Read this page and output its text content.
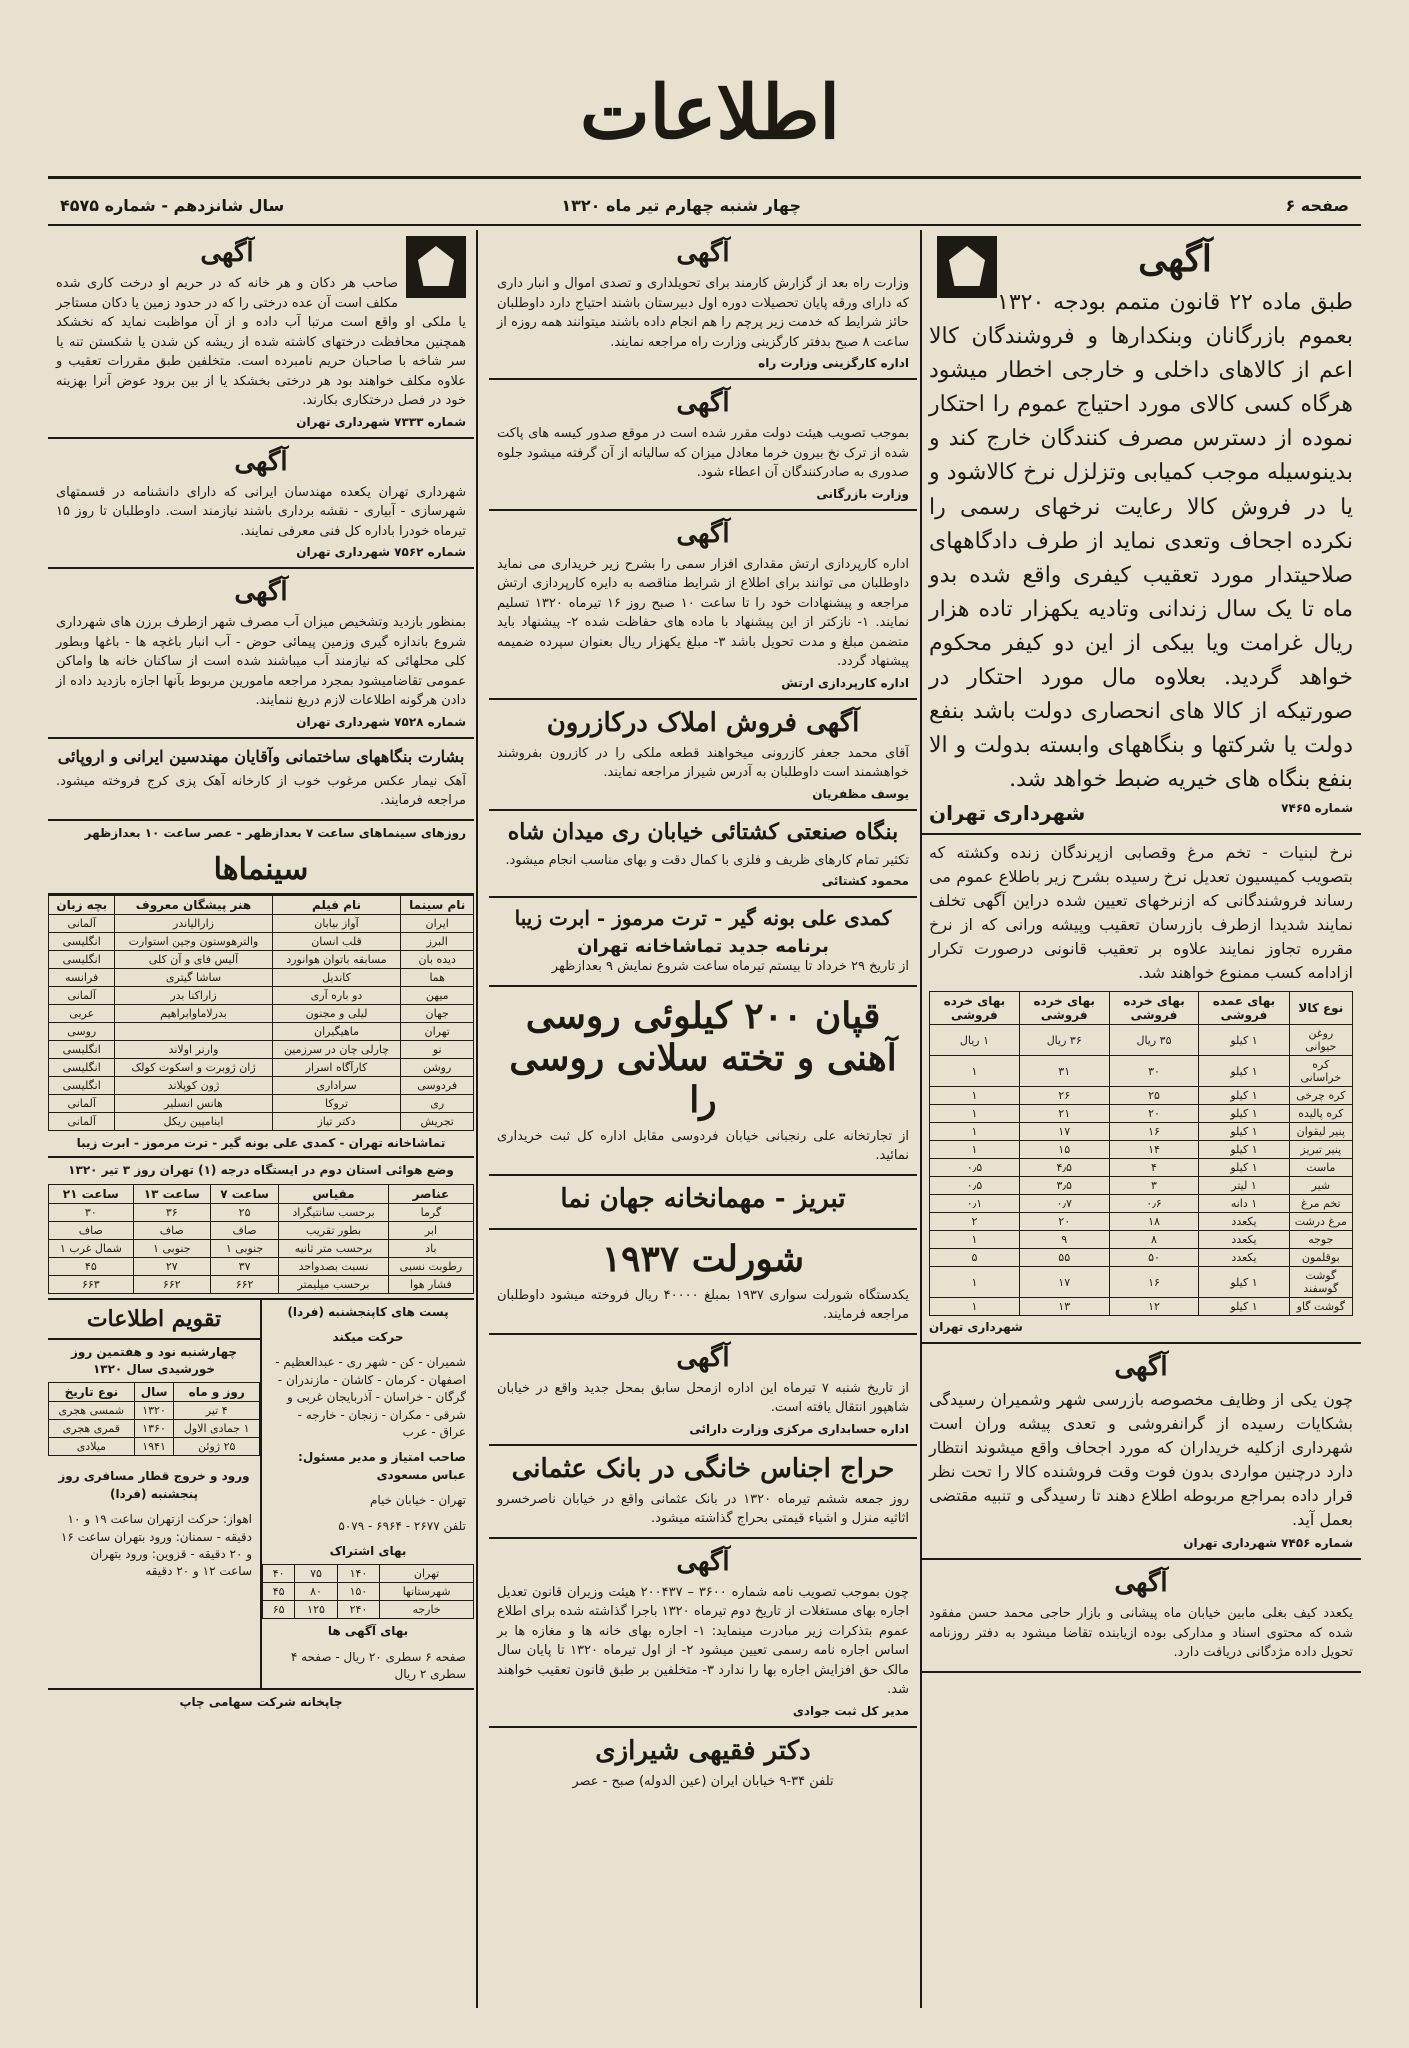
اطلاعات
صفحه ۶
چهار شنبه چهارم تیر ماه ۱۳۲۰
سال شانزدهم - شماره ۴۵۷۵
آگهی
طبق ماده ۲۲ قانون متمم بودجه ۱۳۲۰ بعموم بازرگانان وبنکدارها و فروشندگان کالا اعم از کالاهای داخلی و خارجی اخطار میشود هرگاه کسی کالای مورد احتیاج عموم را احتکار نموده از دسترس مصرف کنندگان خارج کند و بدینوسیله موجب کمیابی وتزلزل نرخ کالاشود و یا در فروش کالا رعایت نرخهای رسمی را نکرده اجحاف وتعدی نماید از طرف دادگاههای صلاحیتدار مورد تعقیب کیفری واقع شده بدو ماه تا یک سال زندانی وتادیه یکهزار تاده هزار ریال غرامت ویا بیکی از این دو کیفر محکوم خواهد گردید. بعلاوه مال مورد احتکار در صورتیکه از کالا های انحصاری دولت باشد بنفع دولت یا شرکتها و بنگاههای وابسته بدولت و الا بنفع بنگاه های خیریه ضبط خواهد شد.
شماره ۷۴۶۵
شهرداری تهران
نرخ لبنیات - تخم مرغ وقصابی ازپرندگان زنده وکشته که بتصویب کمیسیون تعدیل نرخ رسیده بشرح زیر باطلاع عموم می رساند فروشندگانی که ازنرخهای تعیین شده دراین آگهی تخلف نمایند شدیدا ازطرف بازرسان تعقیب وپیشه ورانی که از نرخ مقرره تجاوز نمایند علاوه بر تعقیب قانونی درصورت تکرار ازادامه کسب ممنوع خواهند شد.
نوع کالا	بهای عمده فروشی	بهای خرده فروشی	بهای خرده فروشی	بهای خرده فروشی
روغن حیوانی	۱ کیلو	۳۵ ریال	۳۶ ریال	۱ ریال
کره خراسانی	۱ کیلو	۳۰	۳۱	۱
کره چرخی	۱ کیلو	۲۵	۲۶	۱
کره پالیده	۱ کیلو	۲۰	۲۱	۱
پنیر لیقوان	۱ کیلو	۱۶	۱۷	۱
پنیر تبریز	۱ کیلو	۱۴	۱۵	۱
ماست	۱ کیلو	۴	۴٫۵	۰٫۵
شیر	۱ لیتر	۳	۳٫۵	۰٫۵
تخم مرغ	۱ دانه	۰٫۶	۰٫۷	۰٫۱
مرغ درشت	یکعدد	۱۸	۲۰	۲
جوجه	یکعدد	۸	۹	۱
بوقلمون	یکعدد	۵۰	۵۵	۵
گوشت گوسفند	۱ کیلو	۱۶	۱۷	۱
گوشت گاو	۱ کیلو	۱۲	۱۳	۱
شهرداری تهران
آگهی
چون یکی از وظایف مخصوصه بازرسی شهر وشمیران رسیدگی بشکایات رسیده از گرانفروشی و تعدی پیشه وران است شهرداری ازکلیه خریداران که مورد اجحاف واقع میشوند انتظار دارد درچنین مواردی بدون فوت وقت فروشنده کالا را تحت نظر قرار داده بمراجع مربوطه اطلاع دهند تا رسیدگی و تنبیه مقتضی بعمل آید.
شماره ۷۴۵۶ شهرداری تهران
آگهی
یکعدد کیف بغلی مابین خیابان ماه پیشانی و بازار حاجی محمد حسن مفقود شده که محتوی اسناد و مدارکی بوده ازیابنده تقاضا میشود به دفتر روزنامه تحویل داده مژدگانی دریافت دارد.
آگهی
وزارت راه بعد از گزارش کارمند برای تحویلداری و تصدی اموال و انبار داری که دارای ورقه پایان تحصیلات دوره اول دبیرستان باشند احتیاج دارد داوطلبان حائز شرایط که خدمت زیر پرچم را هم انجام داده باشند میتوانند همه روزه از ساعت ۸ صبح بدفتر کارگزینی وزارت راه مراجعه نمایند.
اداره کارگزینی وزارت راه
آگهی
بموجب تصویب هیئت دولت مقرر شده است در موقع صدور کیسه های پاکت شده از ترک نخ بیرون خرما معادل میزان که سالیانه از آن گرفته میشود جلوه صدوری به صادرکنندگان آن اعطاء شود.
وزارت بازرگانی
آگهی
اداره کارپردازی ارتش مقداری افزار سمی را بشرح زیر خریداری می نماید داوطلبان می توانند برای اطلاع از شرایط مناقصه به دایره کارپردازی ارتش مراجعه و پیشنهادات خود را تا ساعت ۱۰ صبح روز ۱۶ تیرماه ۱۳۲۰ تسلیم نمایند. ۱- نازکتر از این پیشنهاد با ماده های حفاظت شده ۲- پیشنهاد باید متضمن مبلغ و مدت تحویل باشد ۳- مبلغ یکهزار ریال بعنوان سپرده ضمیمه پیشنهاد گردد.
اداره کارپردازی ارتش
آگهی فروش املاک درکازرون
آقای محمد جعفر کازرونی میخواهند قطعه ملکی را در کازرون بفروشند خواهشمند است داوطلبان به آدرس شیراز مراجعه نمایند.
یوسف مظفریان
بنگاه صنعتی کشتائی خیابان ری میدان شاه
تکثیر تمام کارهای ظریف و فلزی با کمال دقت و بهای مناسب انجام میشود.
محمود کشتائی
کمدی علی بونه گیر - ترت مرموز - ابرت زیبا
برنامه جدید تماشاخانه تهران
از تاریخ ۲۹ خرداد تا بیستم تیرماه ساعت شروع نمایش ۹ بعدازظهر
قپان ۲۰۰ کیلوئی روسی آهنی و تخته سلانی روسی را
از تجارتخانه علی رنجبانی خیابان فردوسی مقابل اداره کل ثبت خریداری نمائید.
تبریز - مهمانخانه جهان نما
شورلت ۱۹۳۷
یکدستگاه شورلت سواری ۱۹۳۷ بمبلغ ۴۰۰۰۰ ریال فروخته میشود داوطلبان مراجعه فرمایند.
آگهی
از تاریخ شنبه ۷ تیرماه این اداره ازمحل سابق بمحل جدید واقع در خیابان شاهپور انتقال یافته است.
اداره حسابداری مرکزی وزارت دارائی
حراج اجناس خانگی در بانک عثمانی
روز جمعه ششم تیرماه ۱۳۲۰ در بانک عثمانی واقع در خیابان ناصرخسرو اثاثیه منزل و اشیاء قیمتی بحراج گذاشته میشود.
آگهی
چون بموجب تصویب نامه شماره ۳۶۰۰ – ۲۰۰۴۳۷ هیئت وزیران قانون تعدیل اجاره بهای مستغلات از تاریخ دوم تیرماه ۱۳۲۰ باجرا گذاشته شده برای اطلاع عموم بتذکرات زیر مبادرت مینماید: ۱- اجاره بهای خانه ها و مغازه ها بر اساس اجاره نامه رسمی تعیین میشود ۲- از اول تیرماه ۱۳۲۰ تا پایان سال مالک حق افزایش اجاره بها را ندارد ۳- متخلفین بر طبق قانون تعقیب خواهند شد.
مدیر کل ثبت جوادی
دکتر فقیهی شیرازی
تلفن ۳۴-۹ خیابان ایران (عین الدوله) صبح - عصر
آگهی
صاحب هر دکان و هر خانه که در حریم او درخت کاری شده مکلف است آن عده درختی را که در حدود زمین یا دکان مستاجر یا ملکی او واقع است مرتبا آب داده و از آن مواظبت نماید که نخشکد همچنین محافظت درختهای کاشته شده از ریشه کن شدن یا شکستن تنه یا سر شاخه با صاحبان حریم نامبرده است. متخلفین طبق مقررات تعقیب و علاوه مکلف خواهند بود هر درختی بخشکد یا از بین برود عوض آنرا بهزینه خود در فصل درختکاری بکارند.
شماره ۷۳۳۳ شهرداری تهران
آگهی
شهرداری تهران یکعده مهندسان ایرانی که دارای دانشنامه در قسمتهای شهرسازی - آبیاری - نقشه برداری باشند نیازمند است. داوطلبان تا روز ۱۵ تیرماه خودرا باداره کل فنی معرفی نمایند.
شماره ۷۵۶۲ شهرداری تهران
آگهی
بمنظور بازدید وتشخیص میزان آب مصرف شهر ازطرف برزن های شهرداری شروع باندازه گیری وزمین پیمائی حوض - آب انبار باغچه ها - باغها وبطور کلی محلهائی که نیازمند آب میباشند شده است از ساکنان خانه ها واماکن عمومی تقاضامیشود بمجرد مراجعه مامورین مربوط بآنها اجازه بازدید داده از دادن هرگونه اطلاعات لازم دریغ ننمایند.
شماره ۷۵۲۸ شهرداری تهران
بشارت بنگاههای ساختمانی وآقایان مهندسین ایرانی و اروپائی
آهک نیمار عکس مرغوب خوب از کارخانه آهک پزی کرج فروخته میشود. مراجعه فرمایند.
روزهای سینماهای ساعت ۷ بعدازظهر - عصر ساعت ۱۰ بعدازظهر
سینماها
نام سینما	نام فیلم	هنر پیشگان معروف	بچه زبان
ایران	آواز بیابان	زارالیاندر	آلمانی
البرز	قلب انسان	والترهوستون وجین استوارت	انگلیسی
دیده بان	مسابقه باتوان هوانورد	آلیس فای و آن کلی	انگلیسی
هما	کاندیل	ساشا گیتری	فرانسه
میهن	دو باره آری	زاراکنا بدر	آلمانی
جهان	لیلی و مجنون	بدرلاماوابراهیم	عربی
تهران	ماهیگیران		روسی
نو	چارلی چان در سرزمین	وارنر اولاند	انگلیسی
روشن	کارآگاه اسرار	ژان ژوبرت و اسکوت کولک	انگلیسی
فردوسی	سراداری	ژون کوپلاند	انگلیسی
ری	تروکا	هانس انسلیر	آلمانی
تجریش	دکتر تیاز	اینامپین ریکل	آلمانی
تماشاخانه تهران - کمدی علی بونه گیر - ترت مرموز - ابرت زیبا
وضع هوائی استان دوم در ایستگاه درجه (۱) تهران روز ۳ تیر ۱۳۲۰
عناصر	مقیاس	ساعت ۷	ساعت ۱۳	ساعت ۲۱
گرما	برحسب سانتیگراد	۲۵	۳۶	۳۰
ابر	بطور تقریب	صاف	صاف	صاف
باد	برحسب متر ثانیه	جنوبی ۱	جنوبی ۱	شمال غرب ۱
رطوبت نسبی	نسبت بصدواحد	۳۷	۲۷	۴۵
فشار هوا	برحسب میلیمتر	۶۶۲	۶۶۲	۶۶۳
پست های کاپنجشنبه (فردا)
حرکت میکند
شمیران - کن - شهر ری - عبدالعظیم - اصفهان - کرمان - کاشان - مازندران - گرگان - خراسان - آذربایجان غربی و شرقی - مکران - زنجان - خارجه - عراق - عرب
صاحب امتیاز و مدیر مسئول: عباس مسعودی
تهران - خیابان خیام
تلفن ۲۶۷۷ - ۶۹۶۴ - ۵۰۷۹
بهای اشتراک
تهران	۱۴۰	۷۵	۴۰
شهرستانها	۱۵۰	۸۰	۴۵
خارجه	۲۴۰	۱۲۵	۶۵
بهای آگهی ها
صفحه ۶ سطری ۲۰ ریال - صفحه ۴ سطری ۲ ریال
تقویم اطلاعات
چهارشنبه نود و هفتمین روز خورشیدی سال ۱۳۲۰
روز و ماه	سال	نوع تاریخ
۴ تیر	۱۳۲۰	شمسی هجری
۱ جمادی الاول	۱۳۶۰	قمری هجری
۲۵ ژوئن	۱۹۴۱	میلادی
ورود و خروج قطار مسافری روز پنجشنبه (فردا)
اهواز: حرکت ازتهران ساعت ۱۹ و ۱۰ دقیقه - سمنان: ورود بتهران ساعت ۱۶ و ۲۰ دقیقه - قزوین: ورود بتهران ساعت ۱۲ و ۲۰ دقیقه
چاپخانه شرکت سهامی چاپ
